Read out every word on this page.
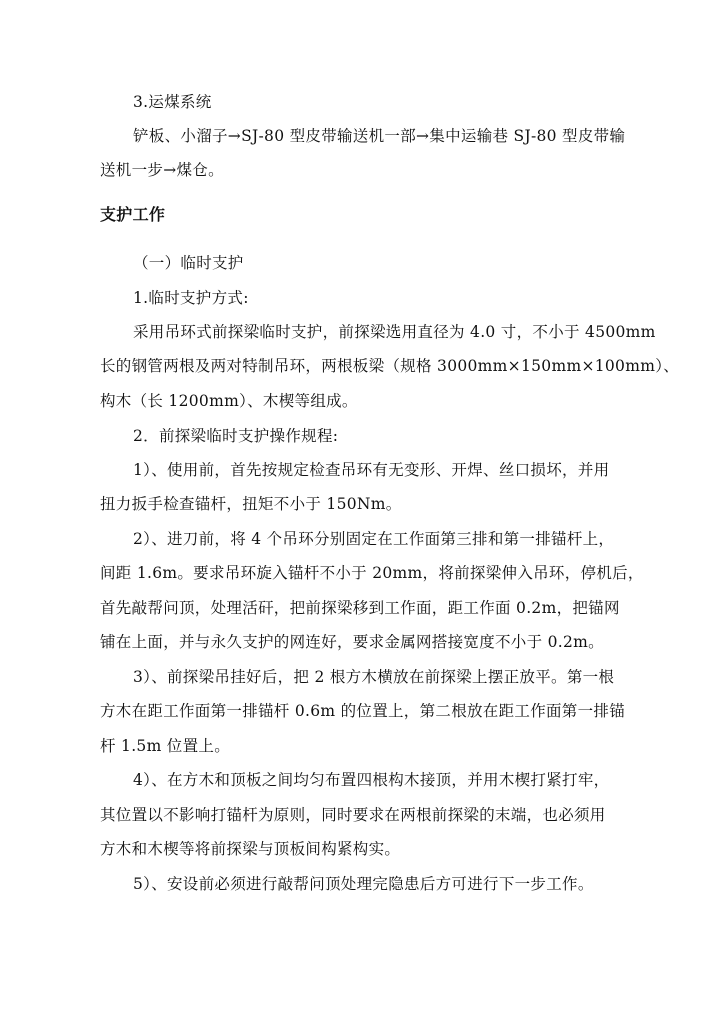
3.运煤系统
铲板、小溜子→SJ-80 型皮带输送机一部→集中运输巷 SJ-80 型皮带输
送机一步→煤仓。
支护工作
（一）临时支护
1.临时支护方式:
采用吊环式前探梁临时支护，前探梁选用直径为 4.0 寸，不小于 4500mm
长的钢管两根及两对特制吊环，两根板梁（规格 3000mm×150mm×100mm）、
构木（长 1200mm）、木楔等组成。
2．前探梁临时支护操作规程:
1）、使用前，首先按规定检查吊环有无变形、开焊、丝口损坏，并用
扭力扳手检查锚杆，扭矩不小于 150Nm。
2）、进刀前，将 4 个吊环分别固定在工作面第三排和第一排锚杆上，
间距 1.6m。要求吊环旋入锚杆不小于 20mm，将前探梁伸入吊环，停机后，
首先敲帮问顶，处理活矸，把前探梁移到工作面，距工作面 0.2m，把锚网
铺在上面，并与永久支护的网连好，要求金属网搭接宽度不小于 0.2m。
3）、前探梁吊挂好后，把 2 根方木横放在前探梁上摆正放平。第一根
方木在距工作面第一排锚杆 0.6m 的位置上，第二根放在距工作面第一排锚
杆 1.5m 位置上。
4）、在方木和顶板之间均匀布置四根构木接顶，并用木楔打紧打牢，
其位置以不影响打锚杆为原则，同时要求在两根前探梁的末端，也必须用
方木和木楔等将前探梁与顶板间构紧构实。
5）、安设前必须进行敲帮问顶处理完隐患后方可进行下一步工作。
